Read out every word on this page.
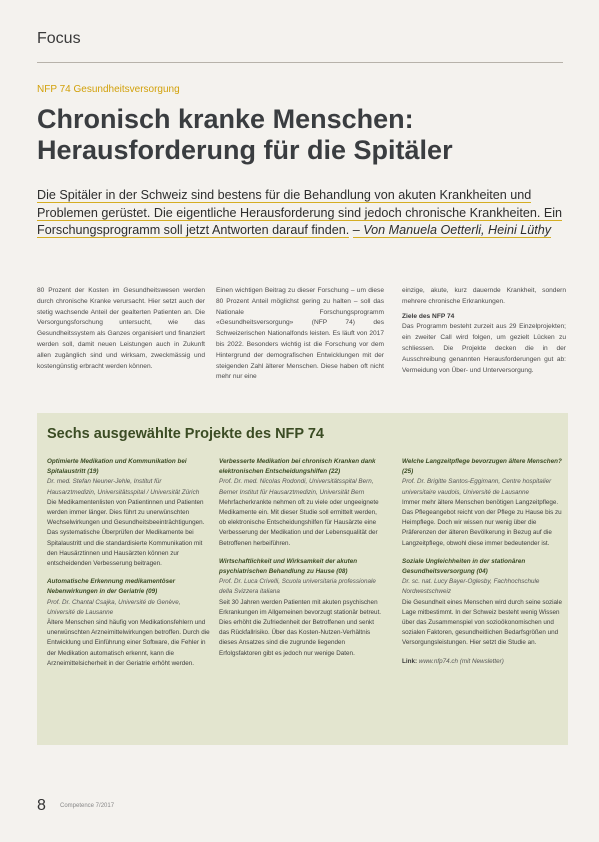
Focus
NFP 74 Gesundheitsversorgung
Chronisch kranke Menschen: Herausforderung für die Spitäler
Die Spitäler in der Schweiz sind bestens für die Behandlung von akuten Krankheiten und Problemen gerüstet. Die eigentliche Herausforderung sind jedoch chronische Krankheiten. Ein Forschungsprogramm soll jetzt Antworten darauf finden. – Von Manuela Oetterli, Heini Lüthy
80 Prozent der Kosten im Gesundheitswesen werden durch chronische Kranke verursacht. Hier setzt auch der stetig wachsende Anteil der gealterten Patienten an. Die Versorgungsforschung untersucht, wie das Gesundheitssystem als Ganzes organisiert und finanziert werden soll, damit neuen Leistungen auch in Zukunft allen zugänglich sind und wirksam, zweckmässig und kostengünstig erbracht werden können.
Einen wichtigen Beitrag zu dieser Forschung – um diese 80 Prozent Anteil möglichst gering zu halten – soll das Nationale Forschungsprogramm «Gesundheitsversorgung» (NFP 74) des Schweizerischen Nationalfonds leisten. Es läuft von 2017 bis 2022. Besonders wichtig ist die Forschung vor dem Hintergrund der demografischen Entwicklungen mit der steigenden Zahl älterer Menschen. Diese haben oft nicht mehr nur eine
einzige, akute, kurz dauernde Krankheit, sondern mehrere chronische Erkrankungen.
Ziele des NFP 74
Das Programm besteht zurzeit aus 29 Einzelprojekten; ein zweiter Call wird folgen, um gezielt Lücken zu schliessen. Die Projekte decken die in der Ausschreibung genannten Herausforderungen gut ab: Vermeidung von Über- und Unterversorgung.
Sechs ausgewählte Projekte des NFP 74
Optimierte Medikation und Kommunikation bei Spitalaustritt (19)
Dr. med. Stefan Neuner-Jehle, Institut für Hausarztmedizin, Universitätsspital / Universität Zürich
Die Medikamentenlisten von Patientinnen und Patienten werden immer länger. Dies führt zu unerwünschten Wechselwirkungen und Gesundheitsbeeinträchtigungen. Das systematische Überprüfen der Medikamente bei Spitalaustritt und die standardisierte Kommunikation mit den Hausärztinnen und Hausärzten können zur entscheidenden Verbesserung beitragen.
Automatische Erkennung medikamentöser Nebenwirkungen in der Geriatrie (09)
Prof. Dr. Chantal Csajka, Université de Genève, Université de Lausanne
Ältere Menschen sind häufig von Medikationsfehlern und unerwünschten Arzneimittelwirkungen betroffen. Durch die Entwicklung und Einführung einer Software, die Fehler in der Medikation automatisch erkennt, kann die Arzneimittelsicherheit in der Geriatrie erhöht werden.
Verbesserte Medikation bei chronisch Kranken dank elektronischen Entscheidungshilfen (22)
Prof. Dr. med. Nicolas Rodondi, Universitätsspital Bern, Berner Institut für Hausarztmedizin, Universität Bern
Mehrfacherkrankte nehmen oft zu viele oder ungeeignete Medikamente ein. Mit dieser Studie soll ermittelt werden, ob elektronische Entscheidungshilfen für Hausärzte eine Verbesserung der Medikation und der Lebensqualität der Betroffenen herbeiführen.
Wirtschaftlichkeit und Wirksamkeit der akuten psychiatrischen Behandlung zu Hause (08)
Prof. Dr. Luca Crivelli, Scuola universitaria professionale della Svizzera italiana
Seit 30 Jahren werden Patienten mit akuten psychischen Erkrankungen im Allgemeinen bevorzugt stationär betreut. Dies erhöht die Zufriedenheit der Betroffenen und senkt das Rückfallrisiko. Über das Kosten-Nutzen-Verhältnis dieses Ansatzes sind die zugrunde liegenden Erfolgsfaktoren gibt es jedoch nur wenige Daten.
Welche Langzeitpflege bevorzugen ältere Menschen? (25)
Prof. Dr. Brigitte Santos-Eggimann, Centre hospitalier universitaire vaudois, Université de Lausanne
Immer mehr ältere Menschen benötigen Langzeitpflege. Das Pflegeangebot reicht von der Pflege zu Hause bis zu Heimpflege. Doch wir wissen nur wenig über die Präferenzen der älteren Bevölkerung in Bezug auf die Langzeitpflege, obwohl diese immer bedeutender ist.
Soziale Ungleichheiten in der stationären Gesundheitsversorgung (04)
Dr. sc. nat. Lucy Bayer-Oglesby, Fachhochschule Nordwestschweiz
Die Gesundheit eines Menschen wird durch seine soziale Lage mitbestimmt. In der Schweiz besteht wenig Wissen über das Zusammenspiel von sozioökonomischen und sozialen Faktoren, gesundheitlichen Bedarfsgrößen und Versorgungsleistungen. Hier setzt die Studie an.
Link: www.nfp74.ch (mit Newsletter)
8 Competence 7/2017
